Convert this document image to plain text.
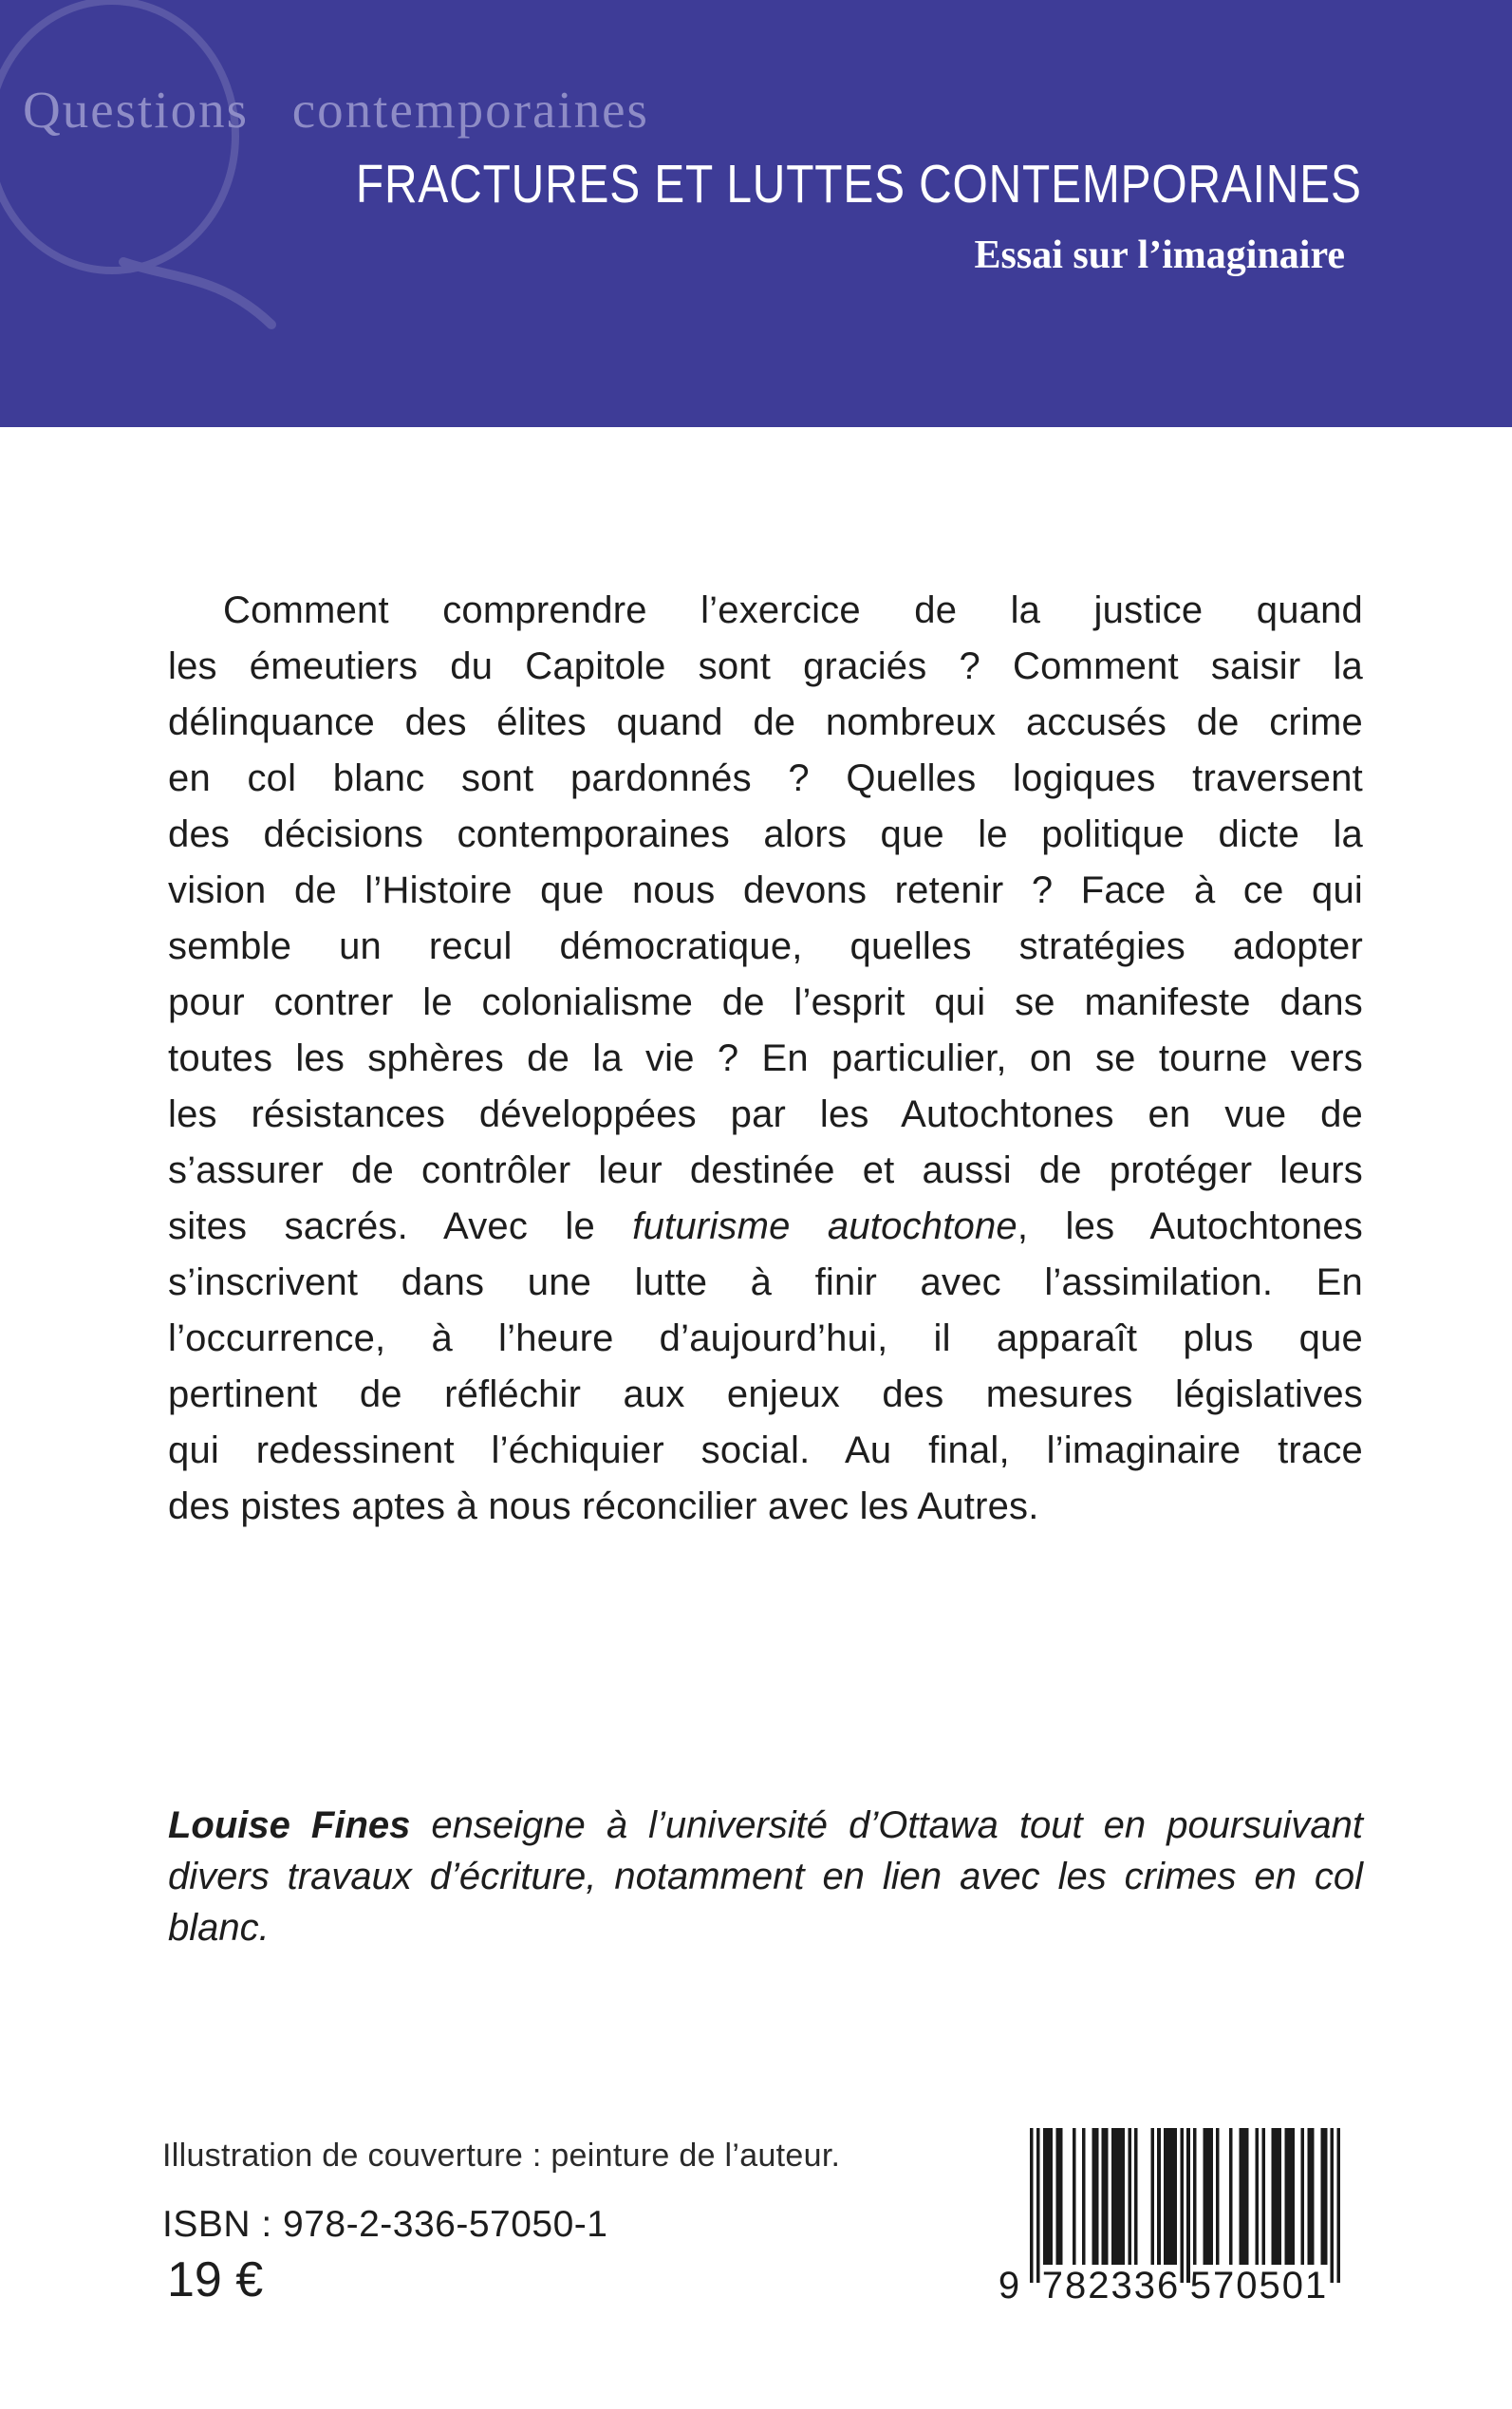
Questions contemporaines
FRACTURES ET LUTTES CONTEMPORAINES
Essai sur l’imaginaire

Comment comprendre l’exercice de la justice quand

les émeutiers du Capitole sont graciés ? Comment saisir la

délinquance des élites quand de nombreux accusés de crime

en col blanc sont pardonnés ? Quelles logiques traversent

des décisions contemporaines alors que le politique dicte la

vision de l’Histoire que nous devons retenir ? Face à ce qui

semble un recul démocratique, quelles stratégies adopter

pour contrer le colonialisme de l’esprit qui se manifeste dans

toutes les sphères de la vie ? En particulier, on se tourne vers

les résistances développées par les Autochtones en vue de

s’assurer de contrôler leur destinée et aussi de protéger leurs

sites sacrés. Avec le futurisme autochtone, les Autochtones

s’inscrivent dans une lutte à finir avec l’assimilation. En

l’occurrence, à l’heure d’aujourd’hui, il apparaît plus que

pertinent de réfléchir aux enjeux des mesures législatives

qui redessinent l’échiquier social. Au final, l’imaginaire trace

des pistes aptes à nous réconcilier avec les Autres.

Louise Fines enseigne à l’université d’Ottawa tout en poursuivant

divers travaux d’écriture, notamment en lien avec les crimes en col

blanc.

Illustration de couverture : peinture de l’auteur.
ISBN : 978-2-336-57050-1
19 €	9 782336 570501
